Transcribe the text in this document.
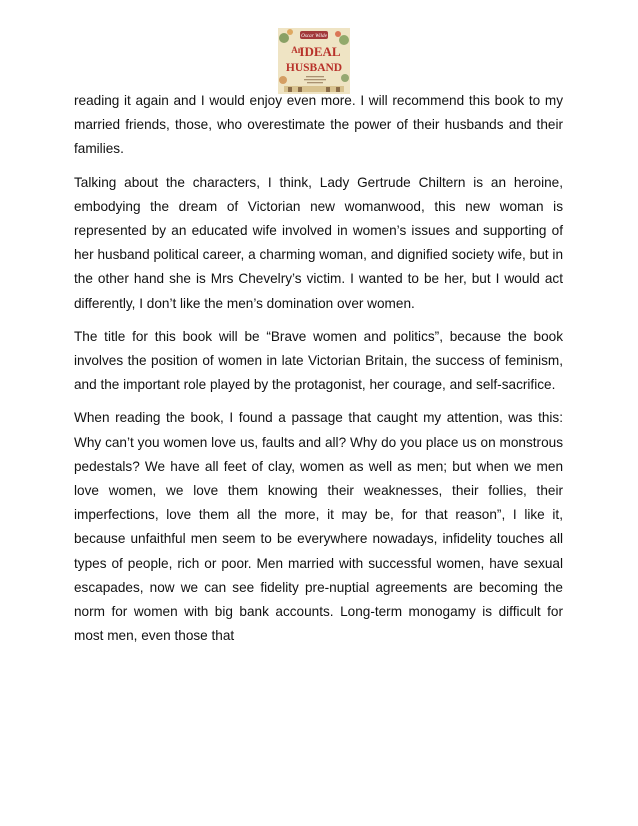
Oscar Wilde
An
IDEAL
HUSBAND

reading it again and I would enjoy even more. I will recommend this book to my married friends, those, who overestimate the power of their husbands and their families.

Talking about the characters, I think, Lady Gertrude Chiltern is an heroine, embodying the dream of Victorian new womanwood, this new woman is represented by an educated wife involved in women’s issues and supporting of her husband political career, a charming woman, and dignified society wife, but in the other hand she is Mrs Chevelry’s victim. I wanted to be her, but I would act differently, I don’t like the men’s domination over women.

The title for this book will be “Brave women and politics”, because the book involves the position of women in late Victorian Britain, the success of feminism, and the important role played by the protagonist, her courage, and self-sacrifice.

When reading the book, I found a passage that caught my attention, was this: Why can’t you women love us, faults and all? Why do you place us on monstrous pedestals? We have all feet of clay, women as well as men; but when we men love women, we love them knowing their weaknesses, their follies, their imperfections, love them all the more, it may be, for that reason”, I like it, because unfaithful men seem to be everywhere nowadays, infidelity touches all types of people, rich or poor. Men married with successful women, have sexual escapades, now we can see fidelity pre-nuptial agreements are becoming the norm for women with big bank accounts. Long-term monogamy is difficult for most men, even those that
